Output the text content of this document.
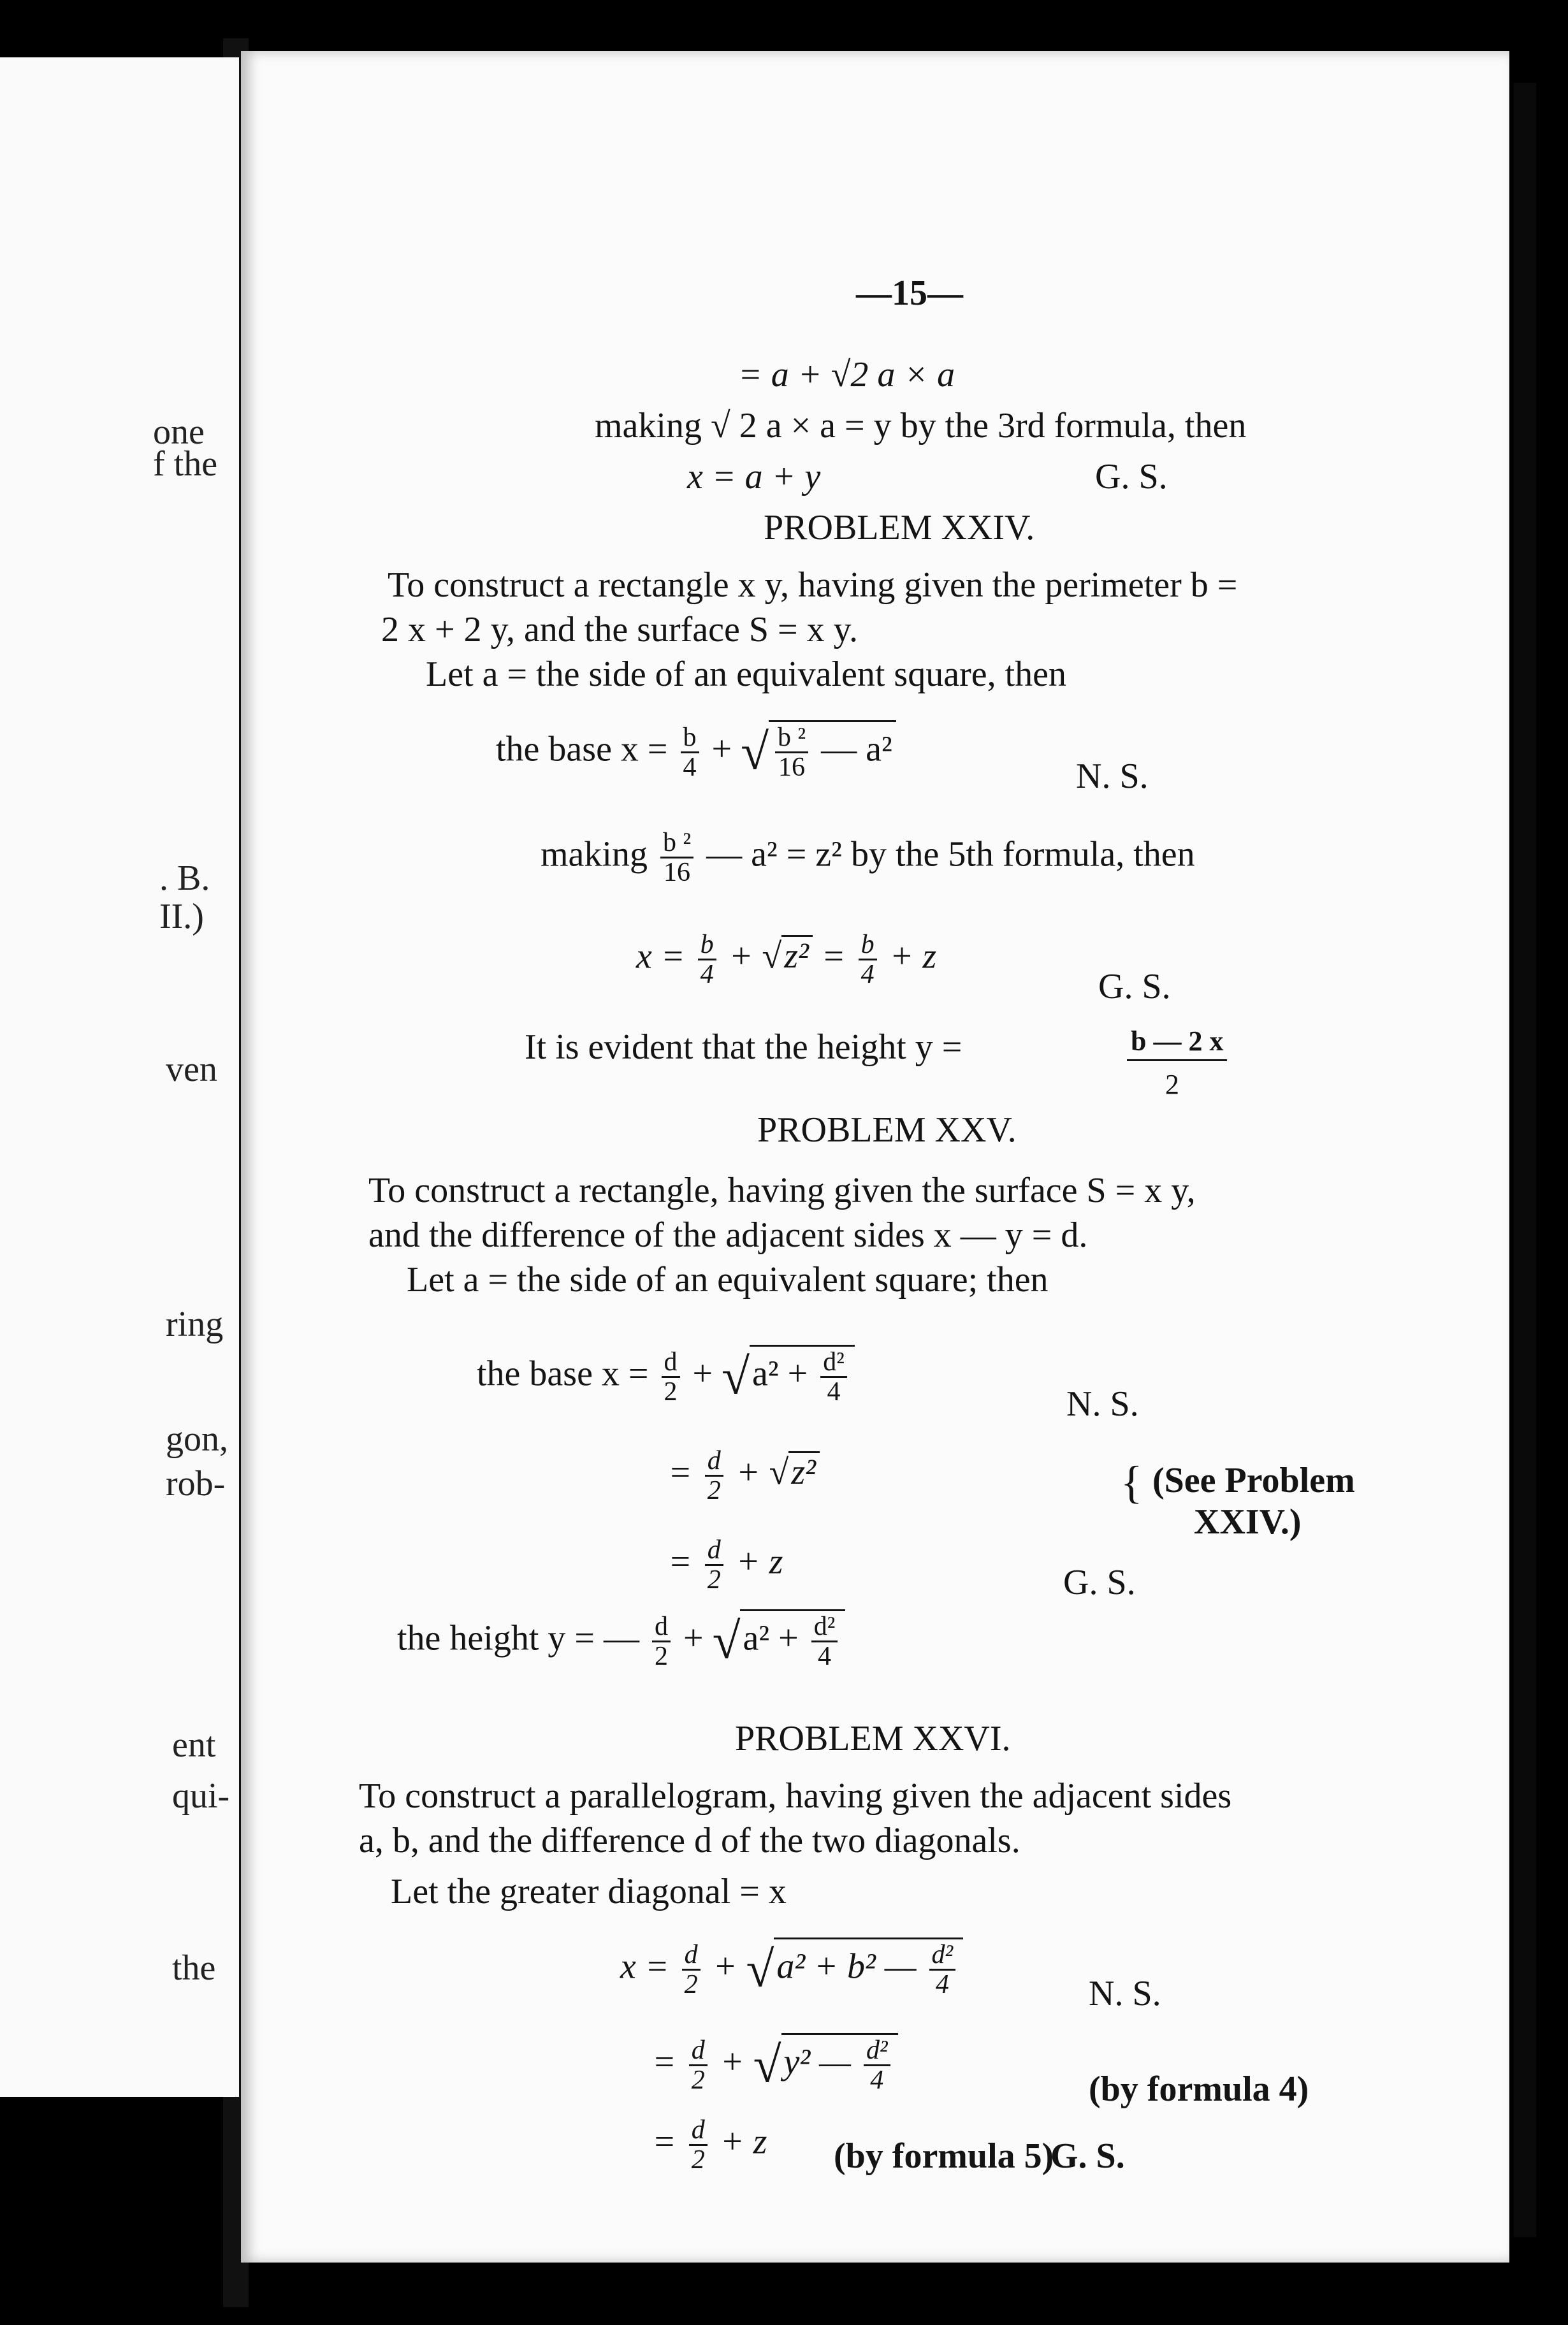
one
f the
. B.
II.)
ven
ring
gon,
rob-
ent
qui-
the
—15—
= a + √2 a × a
making √ 2 a × a = y by the 3rd formula, then
x = a + y	G. S.
PROBLEM XXIV.
To construct a rectangle x y, having given the perimeter b =
2 x + 2 y, and the surface S = x y.
Let a = the side of an equivalent square, then
the base $x = \frac{b}{4}$ + √ $\frac{\text{b ²}}{16}$ — a²
N. S.
making $\frac{\text{b ²}}{16}$ — a² = z² by the 5th formula, then
$x = \frac{b}{4} + √z^2 = \frac{b}{4} + z$
G. S.
It is evident that the height y =	b — 2 x
2
PROBLEM XXV.
To construct a rectangle, having given the surface S = x y,
and the difference of the adjacent sides x — y = d.
Let a = the side of an equivalent square; then
the base $x = \frac{d}{2} + √a^2 + \frac{\text{d²}}{4}$	N. S.
= $\frac{d}{2} + √z^2$	{ (See Problem
XXIV.)
= $\frac{d}{2} + z$
G. S.
the height y = — $\frac{d}{2} + √a^2 + \frac{\text{d²}}{4}$
PROBLEM XXVI.
To construct a parallelogram, having given the adjacent sides
a, b, and the difference d of the two diagonals.
Let the greater diagonal = x
$x = \frac{d}{2} + √a^2 + b^2$ — $\frac{\text{d²}}{4}$	N. S.
= $\frac{d}{2} + √y^2$ — $\frac{\text{d²}}{4}$	(by formula 4)
= $\frac{d}{2} + z$ (by formula 5)
G. S.
